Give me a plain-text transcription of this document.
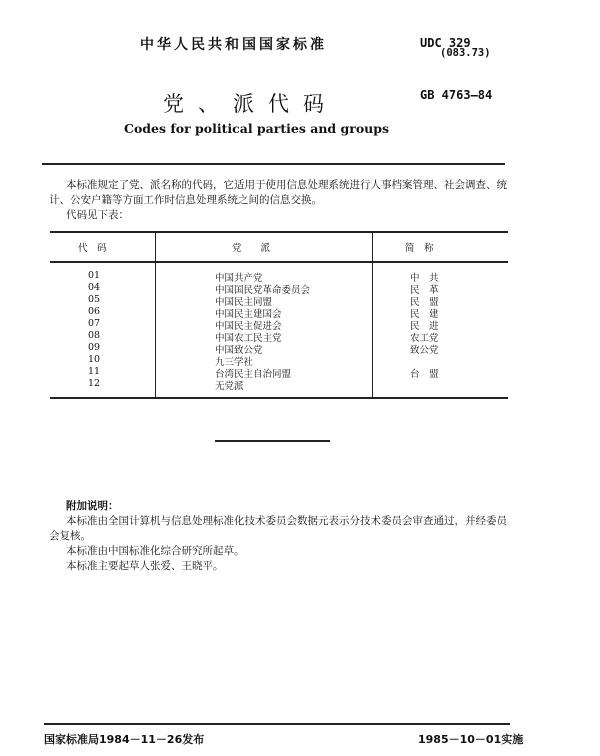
中华人民共和国国家标准	UDC 329
(083.73)
党、派代码	GB 4763—84
Codes for political parties and groups
本标准规定了党、派名称的代码，它适用于使用信息处理系统进行人事档案管理、社会调查、统
计、公安户籍等方面工作时信息处理系统之间的信息交换。
代码见下表：
代　码	党　　派	简　称
01	中国共产党	中　共
04	中国国民党革命委员会	民　革
05	中国民主同盟	民　盟
06	中国民主建国会	民　建
07	中国民主促进会	民　进
08	中国农工民主党	农工党
09	中国致公党	致公党
10	九三学社
11	台湾民主自治同盟	台　盟
12	无党派
附加说明：
本标准由全国计算机与信息处理标准化技术委员会数据元表示分技术委员会审查通过，并经委员
会复核。
本标准由中国标准化综合研究所起草。
本标准主要起草人张爱、王晓平。
国家标准局1984－11－26发布	1985－10－01实施
